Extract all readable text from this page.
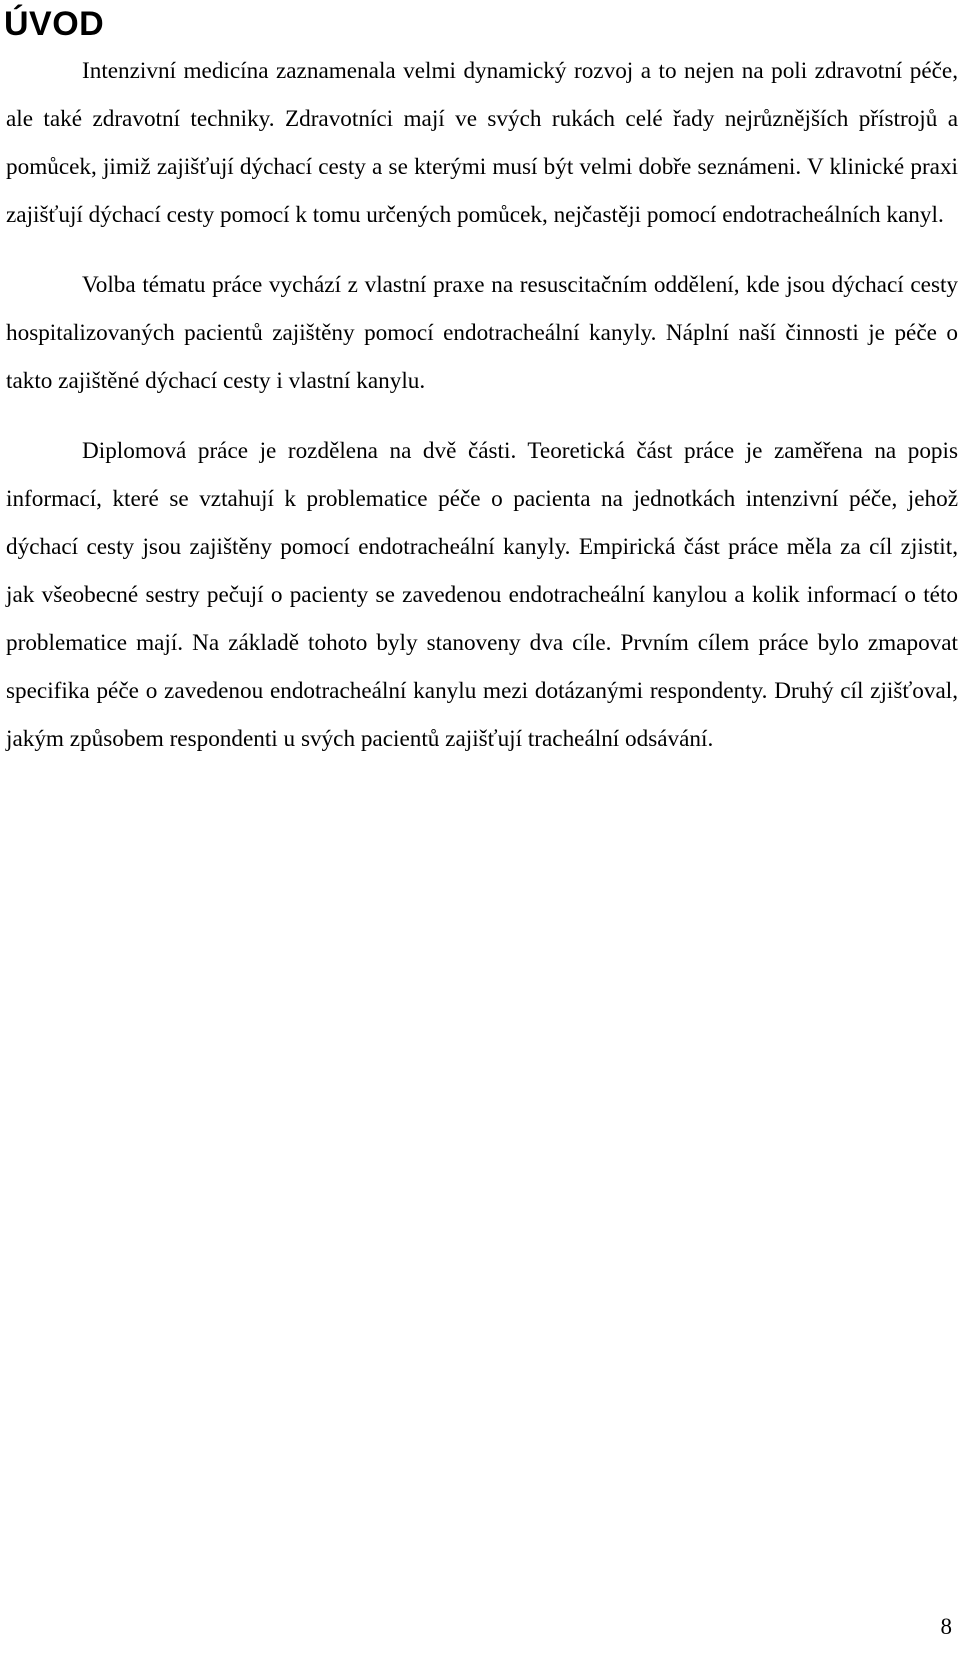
ÚVOD

Intenzivní medicína zaznamenala velmi dynamický rozvoj a to nejen na poli zdravotní péče, ale také zdravotní techniky. Zdravotníci mají ve svých rukách celé řady nejrůznějších přístrojů a pomůcek, jimiž zajišťují dýchací cesty a se kterými musí být velmi dobře seznámeni. V klinické praxi zajišťují dýchací cesty pomocí k tomu určených pomůcek, nejčastěji pomocí endotracheálních kanyl.

Volba tématu práce vychází z vlastní praxe na resuscitačním oddělení, kde jsou dýchací cesty hospitalizovaných pacientů zajištěny pomocí endotracheální kanyly. Náplní naší činnosti je péče o takto zajištěné dýchací cesty i vlastní kanylu.

Diplomová práce je rozdělena na dvě části. Teoretická část práce je zaměřena na popis informací, které se vztahují k problematice péče o pacienta na jednotkách intenzivní péče, jehož dýchací cesty jsou zajištěny pomocí endotracheální kanyly. Empirická část práce měla za cíl zjistit, jak všeobecné sestry pečují o pacienty se zavedenou endotracheální kanylou a kolik informací o této problematice mají. Na základě tohoto byly stanoveny dva cíle. Prvním cílem práce bylo zmapovat specifika péče o zavedenou endotracheální kanylu mezi dotázanými respondenty. Druhý cíl zjišťoval, jakým způsobem respondenti u svých pacientů zajišťují tracheální odsávání.

8
